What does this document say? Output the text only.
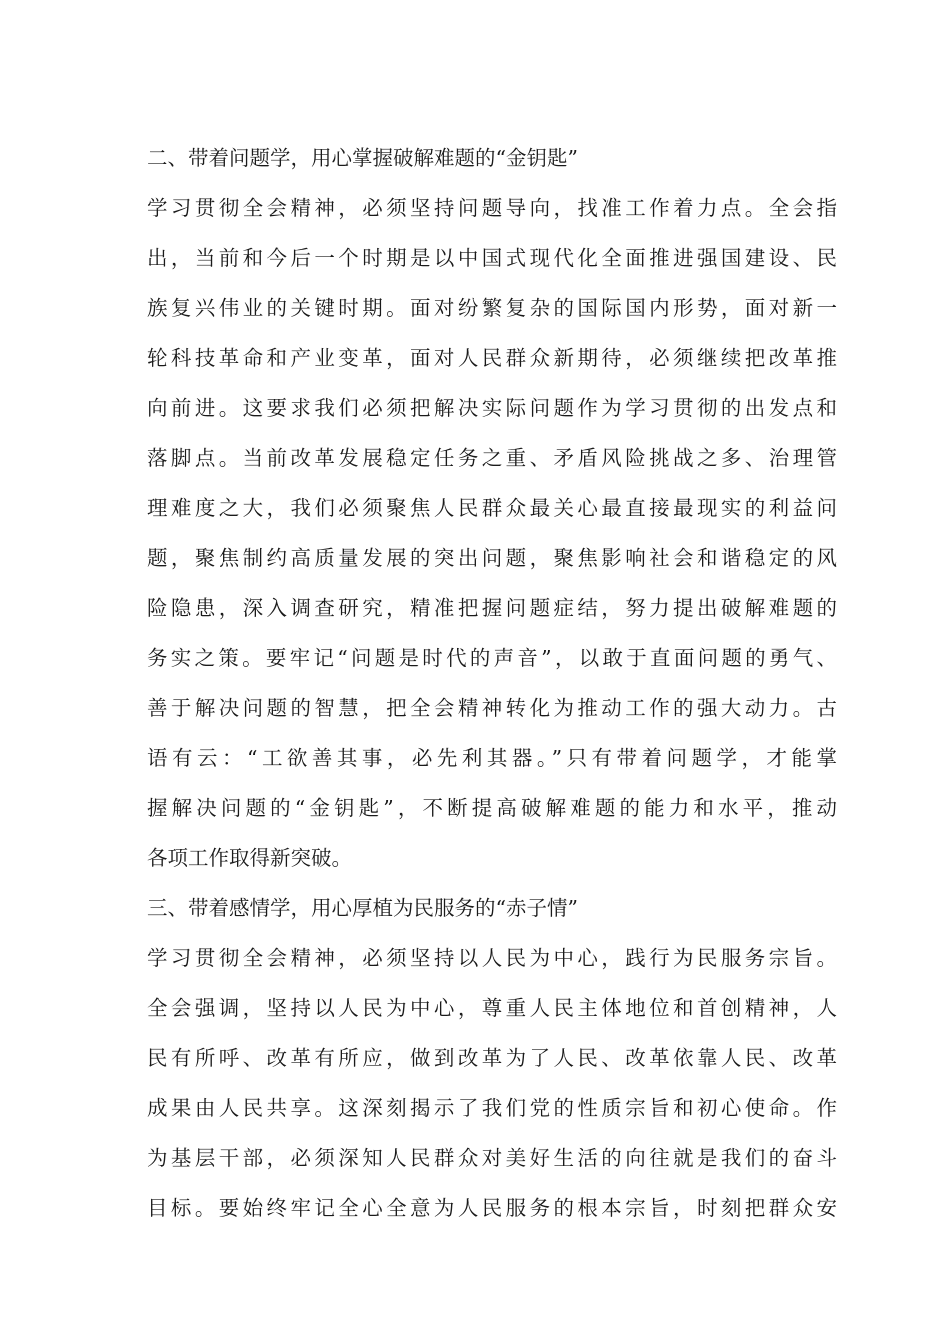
二、带着问题学，用心掌握破解难题的“金钥匙”
学习贯彻全会精神，必须坚持问题导向，找准工作着力点。全会指
出，当前和今后一个时期是以中国式现代化全面推进强国建设、民
族复兴伟业的关键时期。面对纷繁复杂的国际国内形势，面对新一
轮科技革命和产业变革，面对人民群众新期待，必须继续把改革推
向前进。这要求我们必须把解决实际问题作为学习贯彻的出发点和
落脚点。当前改革发展稳定任务之重、矛盾风险挑战之多、治理管
理难度之大，我们必须聚焦人民群众最关心最直接最现实的利益问
题，聚焦制约高质量发展的突出问题，聚焦影响社会和谐稳定的风
险隐患，深入调查研究，精准把握问题症结，努力提出破解难题的
务实之策。要牢记“问题是时代的声音”，以敢于直面问题的勇气、
善于解决问题的智慧，把全会精神转化为推动工作的强大动力。古
语有云：“工欲善其事，必先利其器。”只有带着问题学，才能掌
握解决问题的“金钥匙”，不断提高破解难题的能力和水平，推动
各项工作取得新突破。
三、带着感情学，用心厚植为民服务的“赤子情”
学习贯彻全会精神，必须坚持以人民为中心，践行为民服务宗旨。
全会强调，坚持以人民为中心，尊重人民主体地位和首创精神，人
民有所呼、改革有所应，做到改革为了人民、改革依靠人民、改革
成果由人民共享。这深刻揭示了我们党的性质宗旨和初心使命。作
为基层干部，必须深知人民群众对美好生活的向往就是我们的奋斗
目标。要始终牢记全心全意为人民服务的根本宗旨，时刻把群众安
